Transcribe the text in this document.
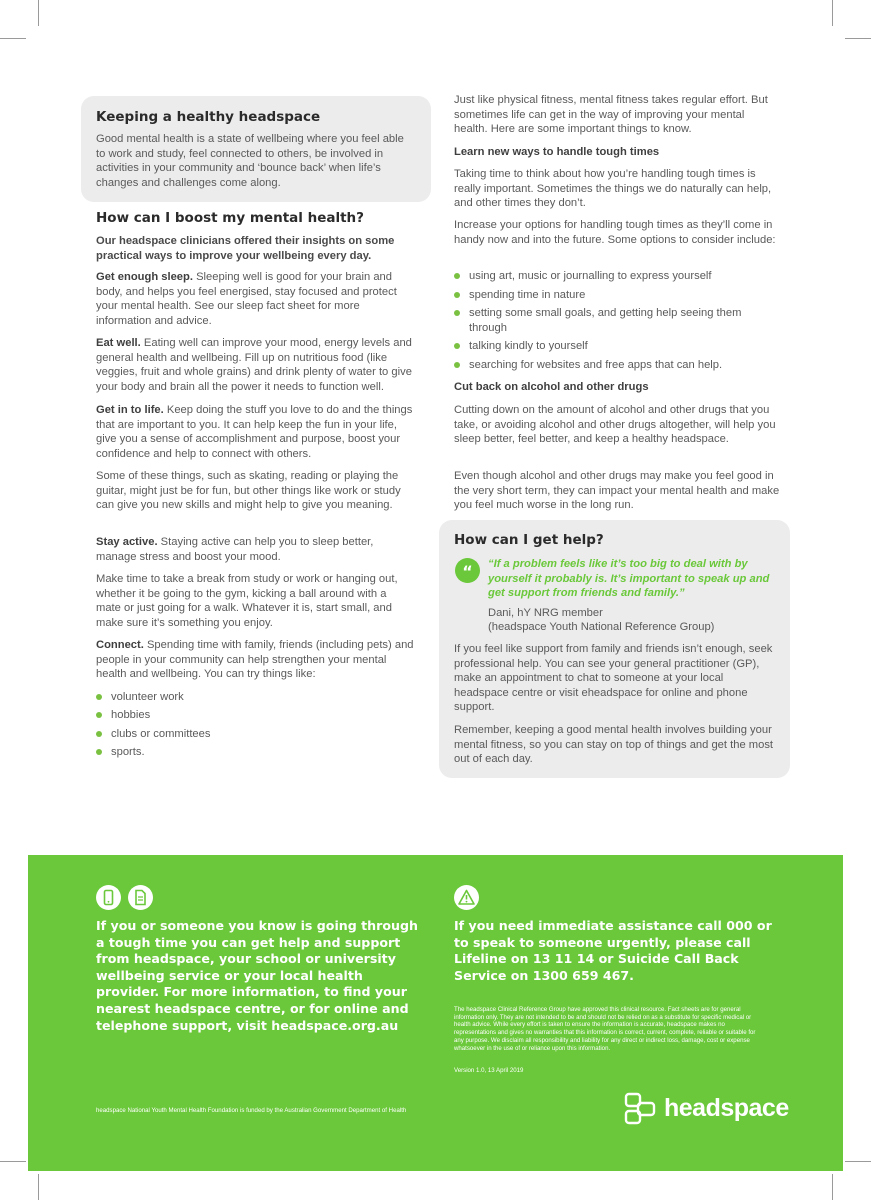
Keeping a healthy headspace

Good mental health is a state of wellbeing where you feel able to work and study, feel connected to others, be involved in activities in your community and ‘bounce back’ when life’s changes and challenges come along.

How can I boost my mental health?

Our headspace clinicians offered their insights on some practical ways to improve your wellbeing every day.

Get enough sleep. Sleeping well is good for your brain and body, and helps you feel energised, stay focused and protect your mental health. See our sleep fact sheet for more information and advice.

Eat well. Eating well can improve your mood, energy levels and general health and wellbeing. Fill up on nutritious food (like veggies, fruit and whole grains) and drink plenty of water to give your body and brain all the power it needs to function well.

Get in to life. Keep doing the stuff you love to do and the things that are important to you. It can help keep the fun in your life, give you a sense of accomplishment and purpose, boost your confidence and help to connect with others.

Some of these things, such as skating, reading or playing the guitar, might just be for fun, but other things like work or study can give you new skills and might help to give you meaning.

Stay active. Staying active can help you to sleep better, manage stress and boost your mood.

Make time to take a break from study or work or hanging out, whether it be going to the gym, kicking a ball around with a mate or just going for a walk. Whatever it is, start small, and make sure it’s something you enjoy.

Connect. Spending time with family, friends (including pets) and people in your community can help strengthen your mental health and wellbeing. You can try things like:

volunteer work
hobbies
clubs or committees
sports.

Just like physical fitness, mental fitness takes regular effort. But sometimes life can get in the way of improving your mental health. Here are some important things to know.

Learn new ways to handle tough times

Taking time to think about how you’re handling tough times is really important. Sometimes the things we do naturally can help, and other times they don’t.

Increase your options for handling tough times as they’ll come in handy now and into the future. Some options to consider include:

using art, music or journalling to express yourself
spending time in nature
setting some small goals, and getting help seeing them through
talking kindly to yourself
searching for websites and free apps that can help.

Cut back on alcohol and other drugs

Cutting down on the amount of alcohol and other drugs that you take, or avoiding alcohol and other drugs altogether, will help you sleep better, feel better, and keep a healthy headspace.

Even though alcohol and other drugs may make you feel good in the very short term, they can impact your mental health and make you feel much worse in the long run.

How can I get help?
“ “If a problem feels like it’s too big to deal with by yourself it probably is. It’s important to speak up and get support from friends and family.”

Dani, hY NRG member

(headspace Youth National Reference Group)

If you feel like support from family and friends isn’t enough, seek professional help. You can see your general practitioner (GP), make an appointment to chat to someone at your local headspace centre or visit eheadspace for online and phone support.

Remember, keeping a good mental health involves building your mental fitness, so you can stay on top of things and get the most out of each day.

If you or someone you know is going through a tough time you can get help and support from headspace, your school or university wellbeing service or your local health provider. For more information, to find your nearest headspace centre, or for online and telephone support, visit headspace.org.au
If you need immediate assistance call 000 or to speak to someone urgently, please call Lifeline on 13 11 14 or Suicide Call Back Service on 1300 659 467.
The headspace Clinical Reference Group have approved this clinical resource. Fact sheets are for general information only. They are not intended to be and should not be relied on as a substitute for specific medical or health advice. While every effort is taken to ensure the information is accurate, headspace makes no representations and gives no warranties that this information is correct, current, complete, reliable or suitable for any purpose. We disclaim all responsibility and liability for any direct or indirect loss, damage, cost or expense whatsoever in the use of or reliance upon this information.
Version 1.0, 13 April 2019
headspace National Youth Mental Health Foundation is funded by the Australian Government Department of Health	headspace
